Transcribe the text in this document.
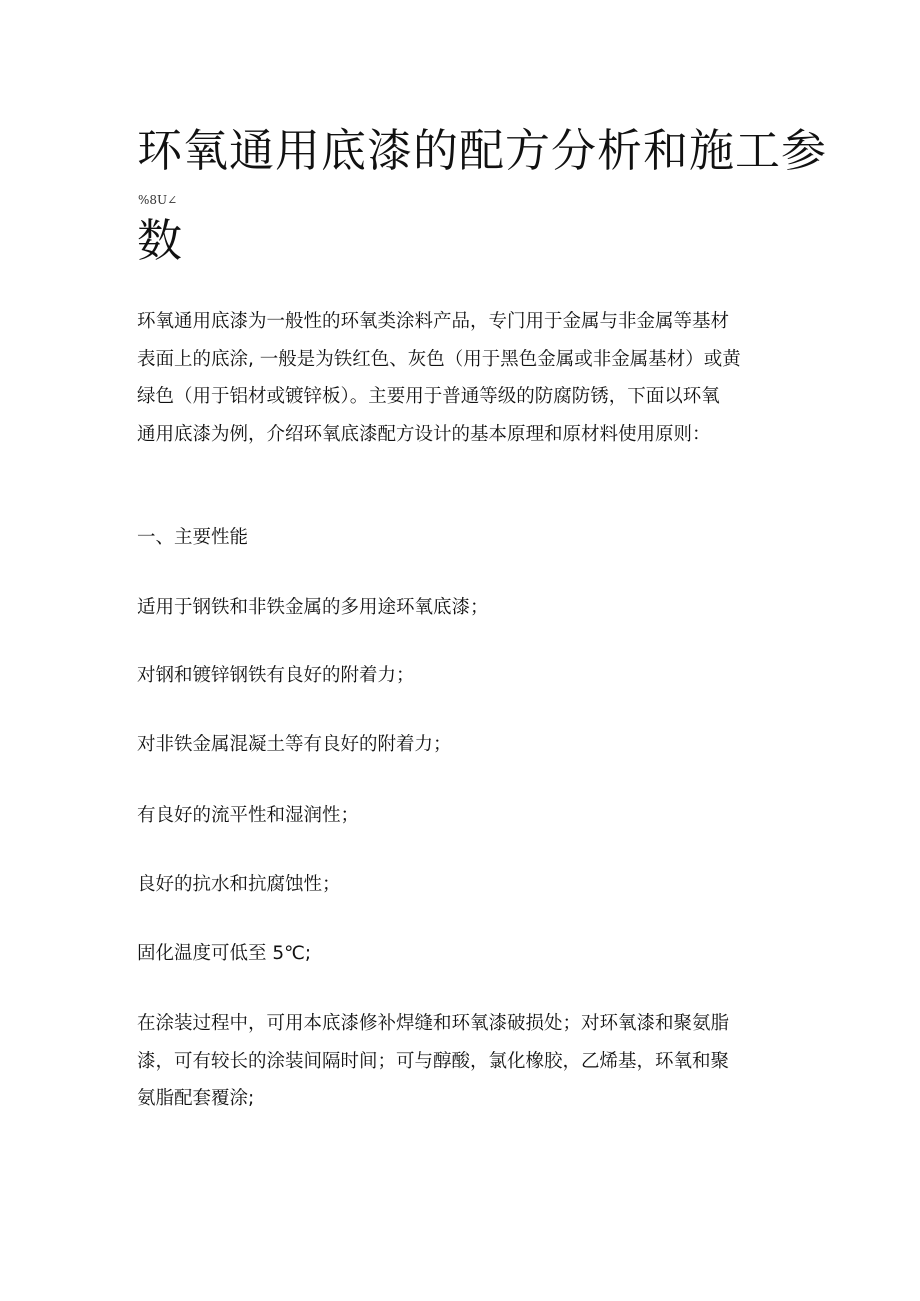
环氧通用底漆的配方分析和施工参
%8U∠
数

环氧通用底漆为一般性的环氧类涂料产品，专门用于金属与非金属等基材
表面上的底涂, 一般是为铁红色、灰色（用于黑色金属或非金属基材）或黄
绿色（用于铝材或镀锌板）。主要用于普通等级的防腐防锈，下面以环氧
通用底漆为例，介绍环氧底漆配方设计的基本原理和原材料使用原则：

一、主要性能

适用于钢铁和非铁金属的多用途环氧底漆；

对钢和镀锌钢铁有良好的附着力；

对非铁金属混凝土等有良好的附着力；

有良好的流平性和湿润性；

良好的抗水和抗腐蚀性；

固化温度可低至 5℃;

在涂装过程中，可用本底漆修补焊缝和环氧漆破损处；对环氧漆和聚氨脂
漆，可有较长的涂装间隔时间；可与醇酸，氯化橡胶，乙烯基，环氧和聚
氨脂配套覆涂;
